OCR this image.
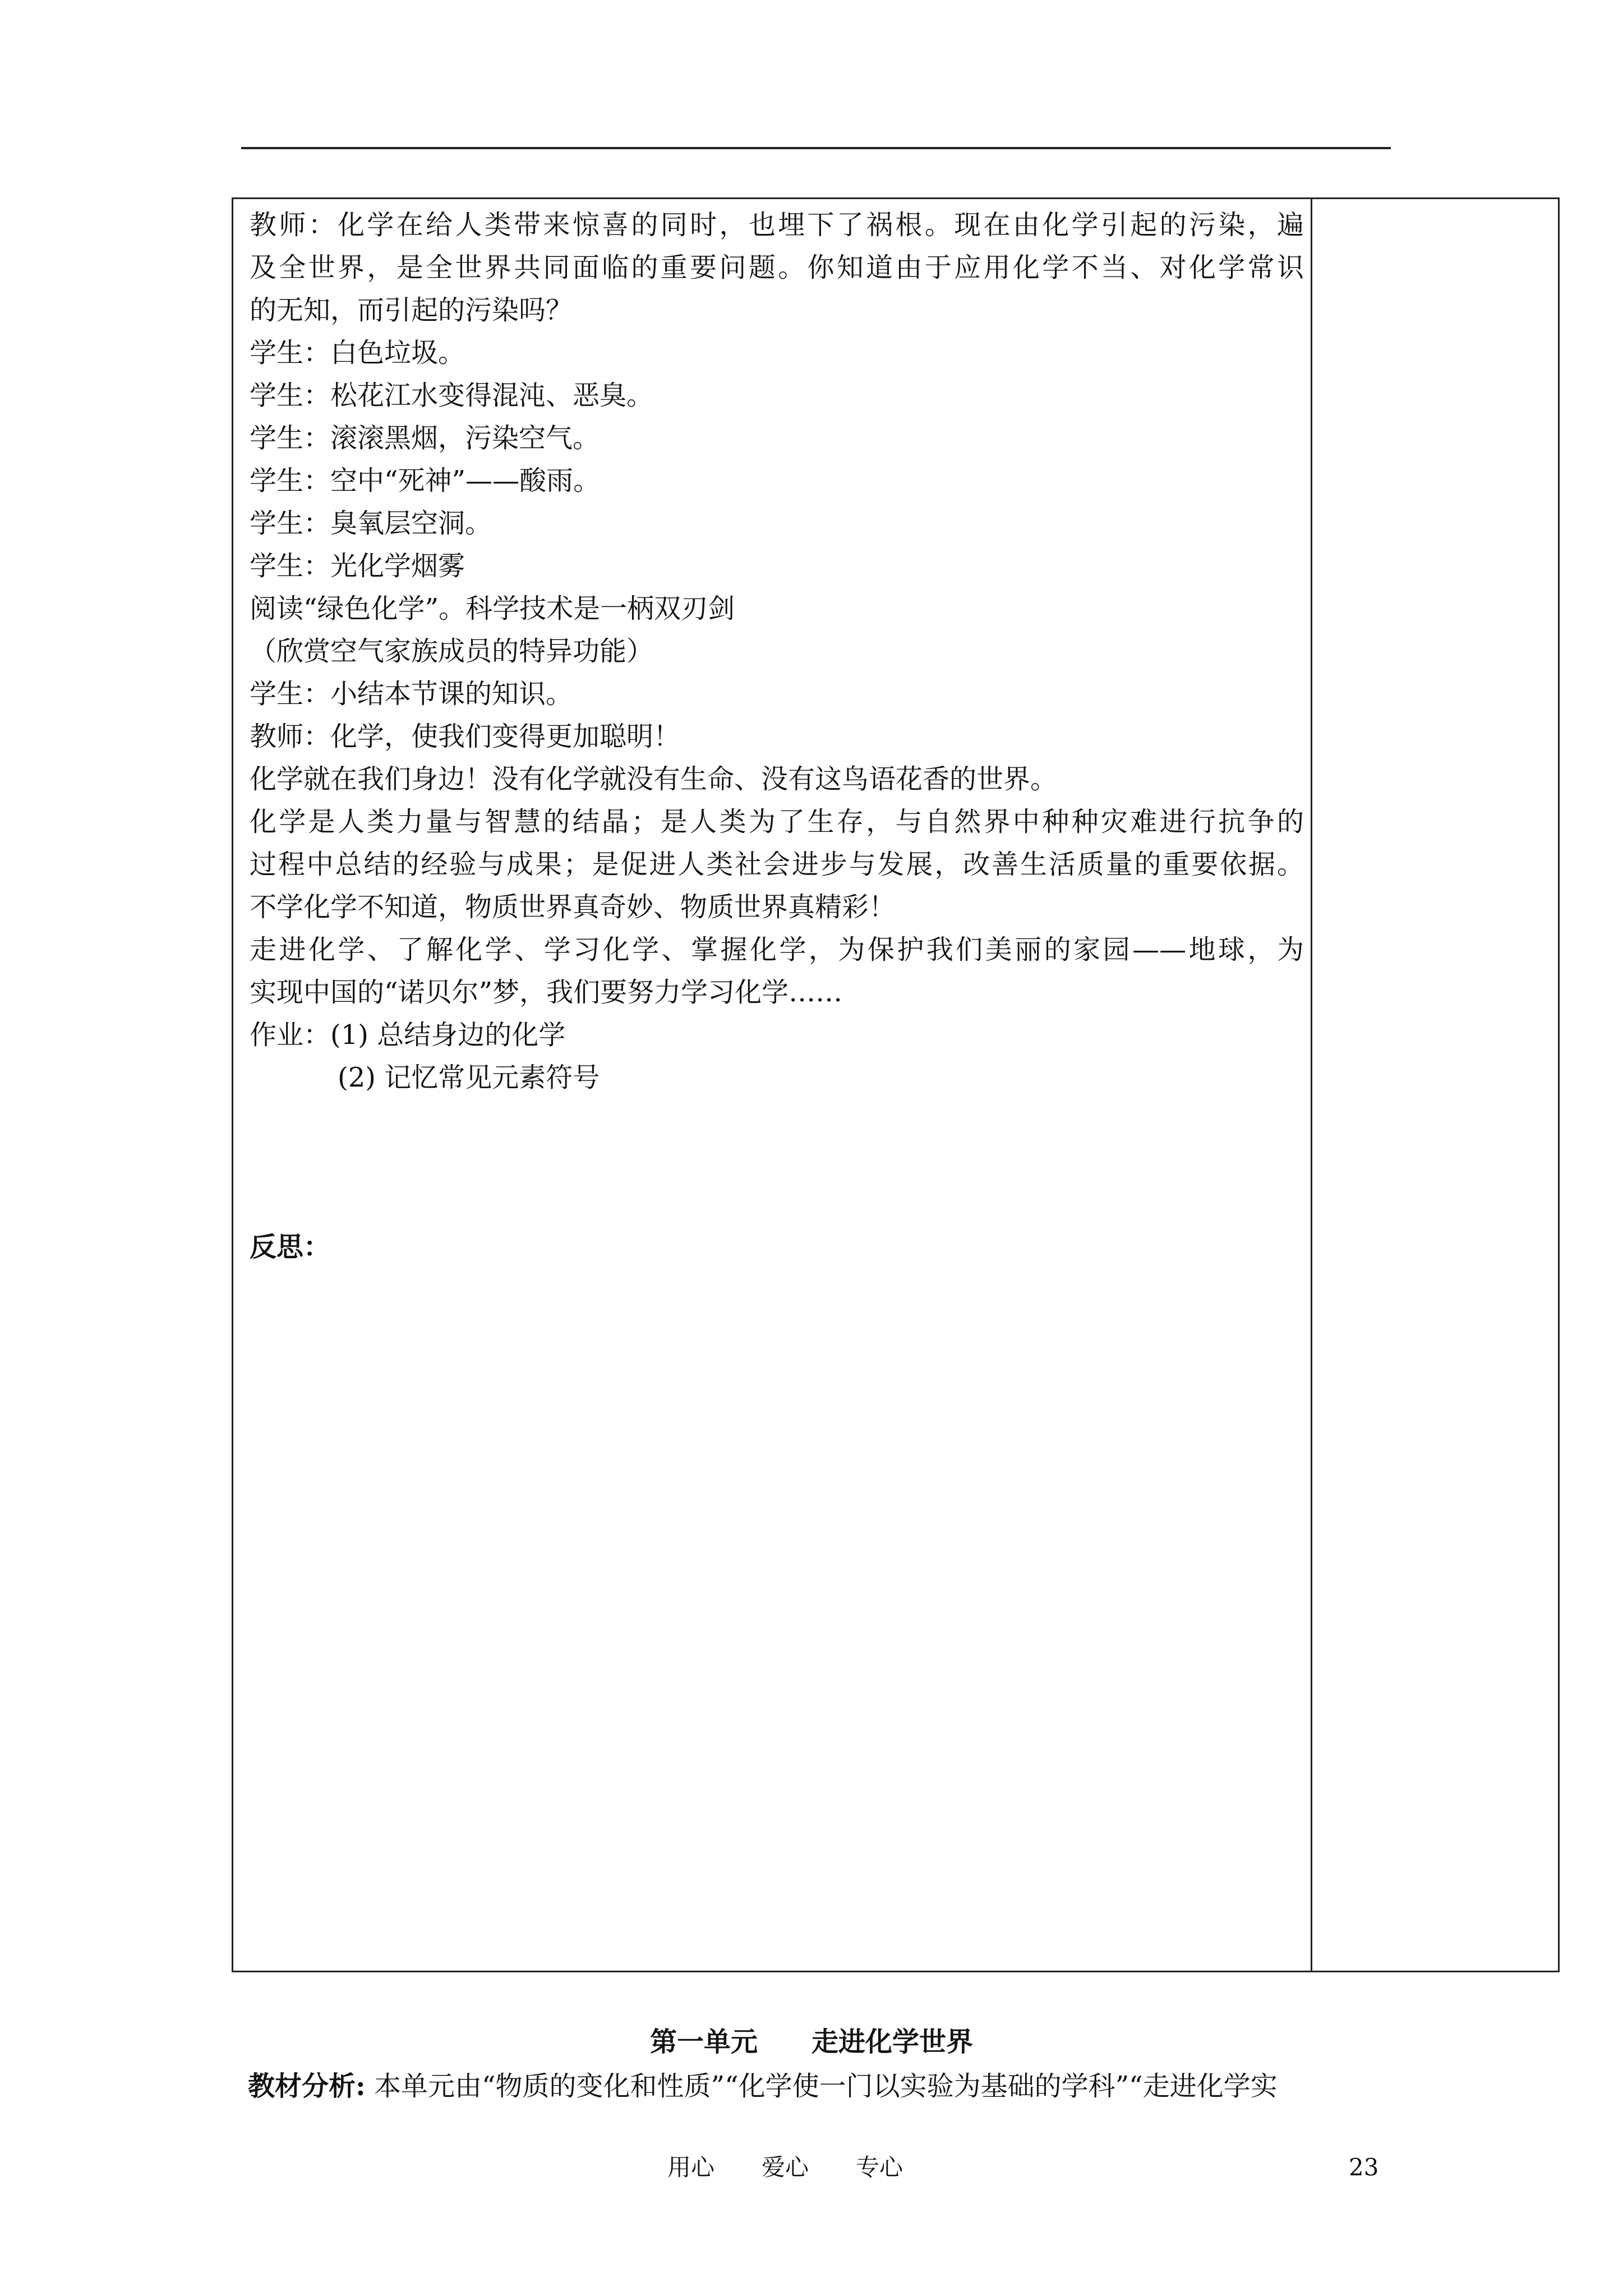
教师：化学在给人类带来惊喜的同时，也埋下了祸根。现在由化学引起的污染，遍
及全世界，是全世界共同面临的重要问题。你知道由于应用化学不当、对化学常识
的无知，而引起的污染吗？
学生：白色垃圾。
学生：松花江水变得混沌、恶臭。
学生：滚滚黑烟，污染空气。
学生：空中“死神”——酸雨。
学生：臭氧层空洞。
学生：光化学烟雾
阅读“绿色化学”。科学技术是一柄双刃剑
（欣赏空气家族成员的特异功能）
学生：小结本节课的知识。
教师：化学，使我们变得更加聪明！
化学就在我们身边！没有化学就没有生命、没有这鸟语花香的世界。
化学是人类力量与智慧的结晶；是人类为了生存，与自然界中种种灾难进行抗争的
过程中总结的经验与成果；是促进人类社会进步与发展，改善生活质量的重要依据。
不学化学不知道，物质世界真奇妙、物质世界真精彩！
走进化学、了解化学、学习化学、掌握化学，为保护我们美丽的家园——地球，为
实现中国的“诺贝尔”梦，我们要努力学习化学……
作业：(1) 总结身边的化学
(2) 记忆常见元素符号
反思：
第一单元　　走进化学世界
教材分析: 本单元由“物质的变化和性质”“化学使一门以实验为基础的学科”“走进化学实
用心　　爱心　　专心	23
